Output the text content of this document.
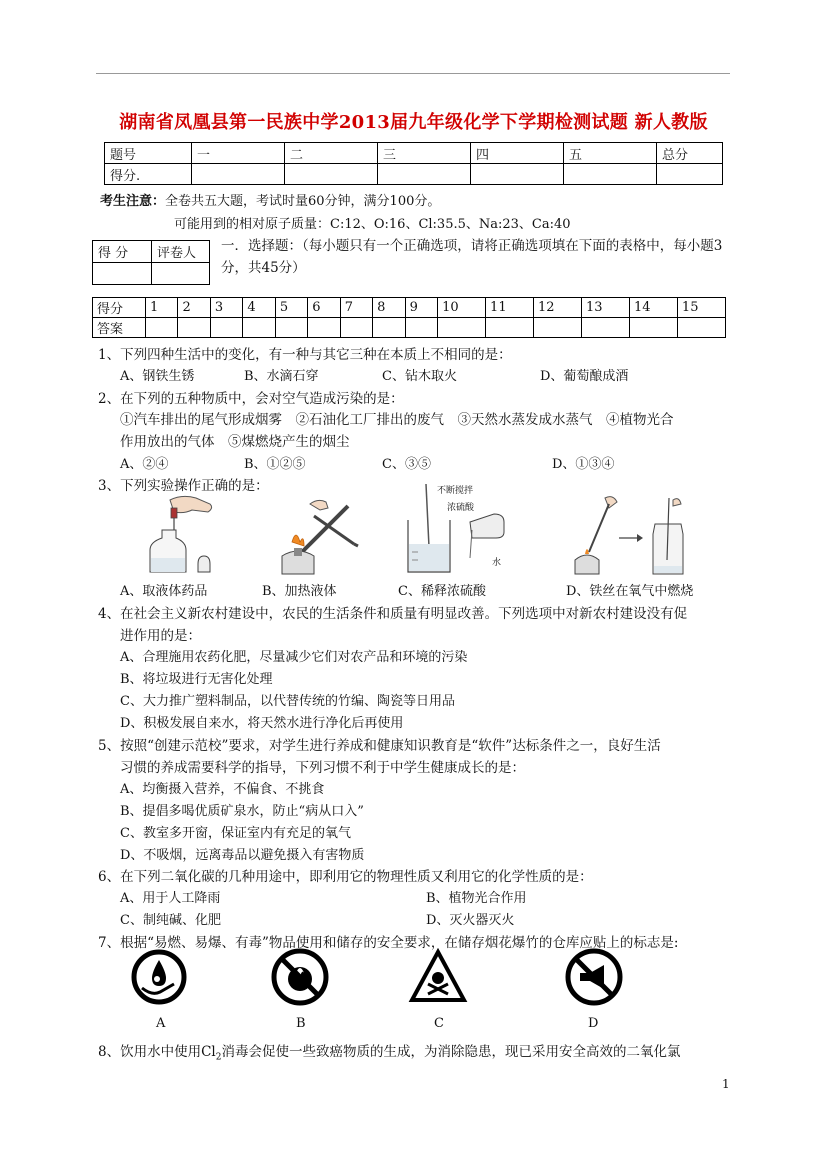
湖南省凤凰县第一民族中学2013届九年级化学下学期检测试题 新人教版
题号	一	二	三	四	五	总分
得分.						
考生注意：全卷共五大题，考试时量60分钟，满分100分。
可能用到的相对原子质量：C:12、O:16、Cl:35.5、Na:23、Ca:40
得 分	评卷人
	一．选择题：（每小题只有一个正确选项，请将正确选项填在下面的表格中，每小题3分，共45分）
得分	1	2	3	4	5	6	7	8	9	10	11	12	13	14	15
答案															
1、下列四种生活中的变化，有一种与其它三种在本质上不相同的是：
A、钢铁生锈	B、水滴石穿	C、钻木取火	D、葡萄酿成酒
2、在下列的五种物质中，会对空气造成污染的是：
①汽车排出的尾气形成烟雾　②石油化工厂排出的废气　③天然水蒸发成水蒸气　④植物光合
作用放出的气体　⑤煤燃烧产生的烟尘
A、②④	B、①②⑤	C、③⑤	D、①③④
3、下列实验操作正确的是：	不断搅拌
浓硫酸
水
A、取液体药品	B、加热液体	C、稀释浓硫酸	D、铁丝在氧气中燃烧
4、在社会主义新农村建设中，农民的生活条件和质量有明显改善。下列选项中对新农村建设没有促
进作用的是：
A、合理施用农药化肥，尽量减少它们对农产品和环境的污染
B、将垃圾进行无害化处理
C、大力推广塑料制品，以代替传统的竹编、陶瓷等日用品
D、积极发展自来水，将天然水进行净化后再使用
5、按照“创建示范校”要求，对学生进行养成和健康知识教育是“软件”达标条件之一，良好生活
习惯的养成需要科学的指导，下列习惯不利于中学生健康成长的是：
A、均衡摄入营养，不偏食、不挑食
B、提倡多喝优质矿泉水，防止“病从口入”
C、教室多开窗，保证室内有充足的氧气
D、不吸烟，远离毒品以避免摄入有害物质
6、在下列二氧化碳的几种用途中，即利用它的物理性质又利用它的化学性质的是：
A、用于人工降雨	B、植物光合作用
C、制纯碱、化肥	D、灭火器灭火
7、根据“易燃、易爆、有毒”物品使用和储存的安全要求，在储存烟花爆竹的仓库应贴上的标志是:
A	B	C	D
8、饮用水中使用$Cl_2$消毒会促使一些致癌物质的生成，为消除隐患，现已采用安全高效的二氧化氯
1
